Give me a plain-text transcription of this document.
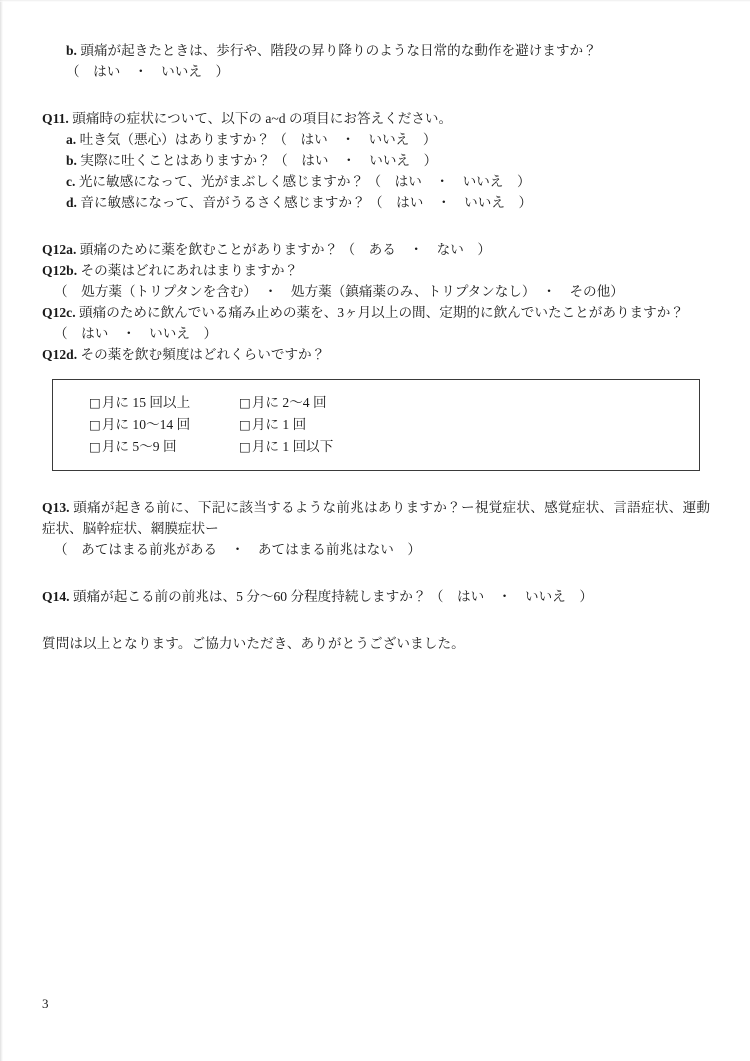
b. 頭痛が起きたときは、歩行や、階段の昇り降りのような日常的な動作を避けますか？
（　はい　・　いいえ　）
Q11. 頭痛時の症状について、以下の a~d の項目にお答えください。
a. 吐き気（悪心）はありますか？ （　はい　・　いいえ　）
b. 実際に吐くことはありますか？ （　はい　・　いいえ　）
c. 光に敏感になって、光がまぶしく感じますか？ （　はい　・　いいえ　）
d. 音に敏感になって、音がうるさく感じますか？ （　はい　・　いいえ　）
Q12a. 頭痛のために薬を飲むことがありますか？ （　ある　・　ない　）
Q12b. その薬はどれにあれはまりますか？
（　処方薬（トリプタンを含む）　・　処方薬（鎮痛薬のみ、トリプタンなし）　・　その他）
Q12c. 頭痛のために飲んでいる痛み止めの薬を、3ヶ月以上の間、定期的に飲んでいたことがありますか？
（　はい　・　いいえ　）
Q12d. その薬を飲む頻度はどれくらいですか？
□月に 15 回以上	□月に 2～4 回
□月に 10～14 回	□月に 1 回
□月に 5～9 回	□月に 1 回以下
Q13. 頭痛が起きる前に、下記に該当するような前兆はありますか？ー視覚症状、感覚症状、言語症状、運動症状、脳幹症状、網膜症状ー
（　あてはまる前兆がある　・　あてはまる前兆はない　）
Q14. 頭痛が起こる前の前兆は、5 分～60 分程度持続しますか？ （　はい　・　いいえ　）
質問は以上となります。ご協力いただき、ありがとうございました。
3
